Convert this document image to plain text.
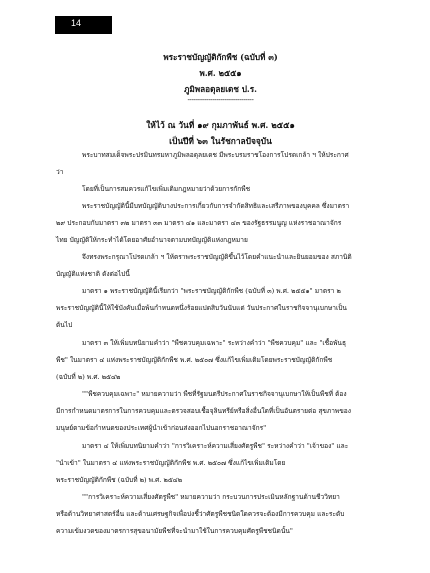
14
พระราชบัญญัติกักพืช (ฉบับที่ ๓)
พ.ศ. ๒๕๕๑
ภูมิพลอดุลยเดช ป.ร.
--------------------------------
ให้ไว้ ณ วันที่ ๑๙ กุมภาพันธ์ พ.ศ. ๒๕๕๑
เป็นปีที่ ๖๓ ในรัชกาลปัจจุบัน
พระบาทสมเด็จพระปรมินทรมหาภูมิพลอดุลยเดช มีพระบรมราชโองการโปรดเกล้า ฯ ให้ประกาศ
ว่า
โดยที่เป็นการสมควรแก้ไขเพิ่มเติมกฎหมายว่าด้วยการกักพืช
พระราชบัญญัตินี้มีบทบัญญัติบางประการเกี่ยวกับการจำกัดสิทธิและเสรีภาพของบุคคล ซึ่งมาตรา
๒๙ ประกอบกับมาตรา ๓๒ มาตรา ๓๓ มาตรา ๔๑ และมาตรา ๔๓ ของรัฐธรรมนูญ แห่งราชอาณาจักร
ไทย บัญญัติให้กระทำได้โดยอาศัยอำนาจตามบทบัญญัติแห่งกฎหมาย
จึงทรงพระกรุณาโปรดเกล้า ฯ ให้ตราพระราชบัญญัติขึ้นไว้โดยคำแนะนำและยินยอมของ สภานิติ
บัญญัติแห่งชาติ ดังต่อไปนี้
มาตรา ๑ พระราชบัญญัตินี้เรียกว่า "พระราชบัญญัติกักพืช (ฉบับที่ ๓) พ.ศ. ๒๕๕๑" มาตรา ๒
พระราชบัญญัตินี้ให้ใช้บังคับเมื่อพ้นกำหนดหนึ่งร้อยแปดสิบวันนับแต่ วันประกาศในราชกิจจานุเบกษาเป็น
ต้นไป
มาตรา ๓ ให้เพิ่มบทนิยามคำว่า "พืชควบคุมเฉพาะ" ระหว่างคำว่า "พืชควบคุม" และ "เชื้อพันธุ
พืช" ในมาตรา ๔ แห่งพระราชบัญญัติกักพืช พ.ศ. ๒๕๐๗ ซึ่งแก้ไขเพิ่มเติมโดยพระราชบัญญัติกักพืช
(ฉบับที่ ๒) พ.ศ. ๒๕๔๒
""พืชควบคุมเฉพาะ" หมายความว่า พืชที่รัฐมนตรีประกาศในราชกิจจานุเบกษาให้เป็นพืชที่ ต้อง
มีการกำหนดมาตรการในการควบคุมและตรวจสอบเชื้อจุลินทรีย์หรือสิ่งอื่นใดที่เป็นอันตรายต่อ สุขภาพของ
มนุษย์ตามข้อกำหนดของประเทศผู้นำเข้าก่อนส่งออกไปนอกราชอาณาจักร"
มาตรา ๔ ให้เพิ่มบทนิยามคำว่า "การวิเคราะห์ความเสี่ยงศัตรูพืช" ระหว่างคำว่า "เจ้าของ" และ
"นำเข้า" ในมาตรา ๔ แห่งพระราชบัญญัติกักพืช พ.ศ. ๒๕๐๗ ซึ่งแก้ไขเพิ่มเติมโดย
พระราชบัญญัติกักพืช (ฉบับที่ ๒) พ.ศ. ๒๕๔๒
""การวิเคราะห์ความเสี่ยงศัตรูพืช" หมายความว่า กระบวนการประเมินหลักฐานด้านชีววิทยา
หรือด้านวิทยาศาสตร์อื่น และด้านเศรษฐกิจเพื่อบ่งชี้ว่าศัตรูพืชชนิดใดควรจะต้องมีการควบคุม และระดับ
ความเข้มงวดของมาตรการสุขอนามัยพืชที่จะนำมาใช้ในการควบคุมศัตรูพืชชนิดนั้น"
